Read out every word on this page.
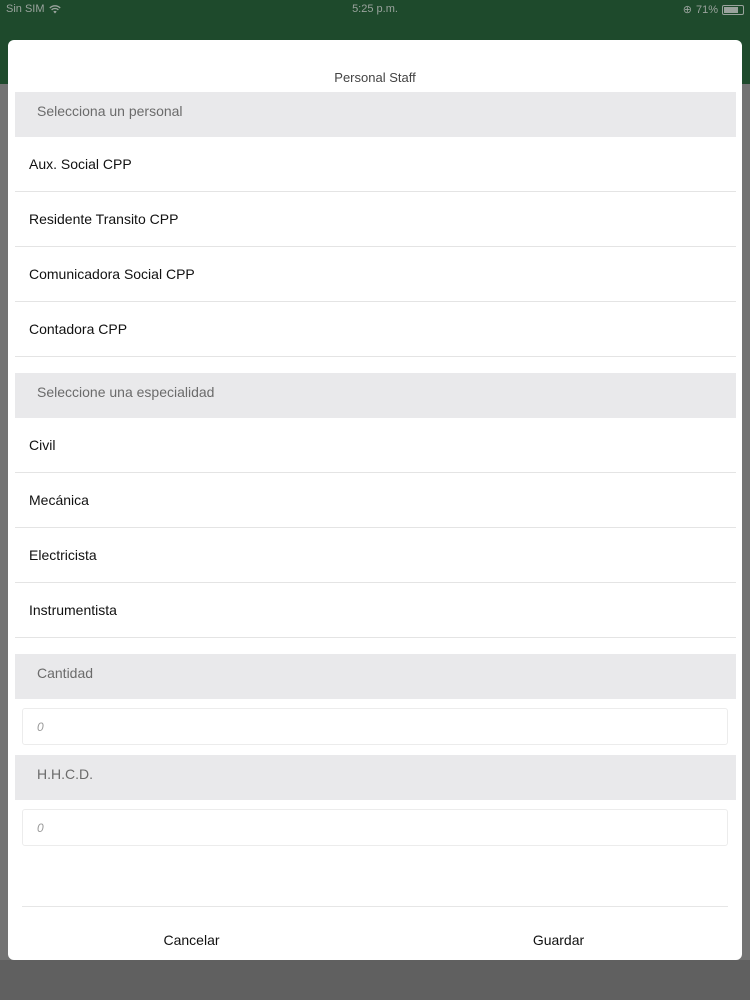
Sin SIM	5:25 p.m.	⊕ 71%
Personal Staff
Selecciona un personal
Aux. Social CPP
Residente Transito CPP
Comunicadora Social CPP
Contadora CPP
Seleccione una especialidad
Civil
Mecánica
Electricista
Instrumentista
Cantidad
0
H.H.C.D.
0
Cancelar	Guardar
